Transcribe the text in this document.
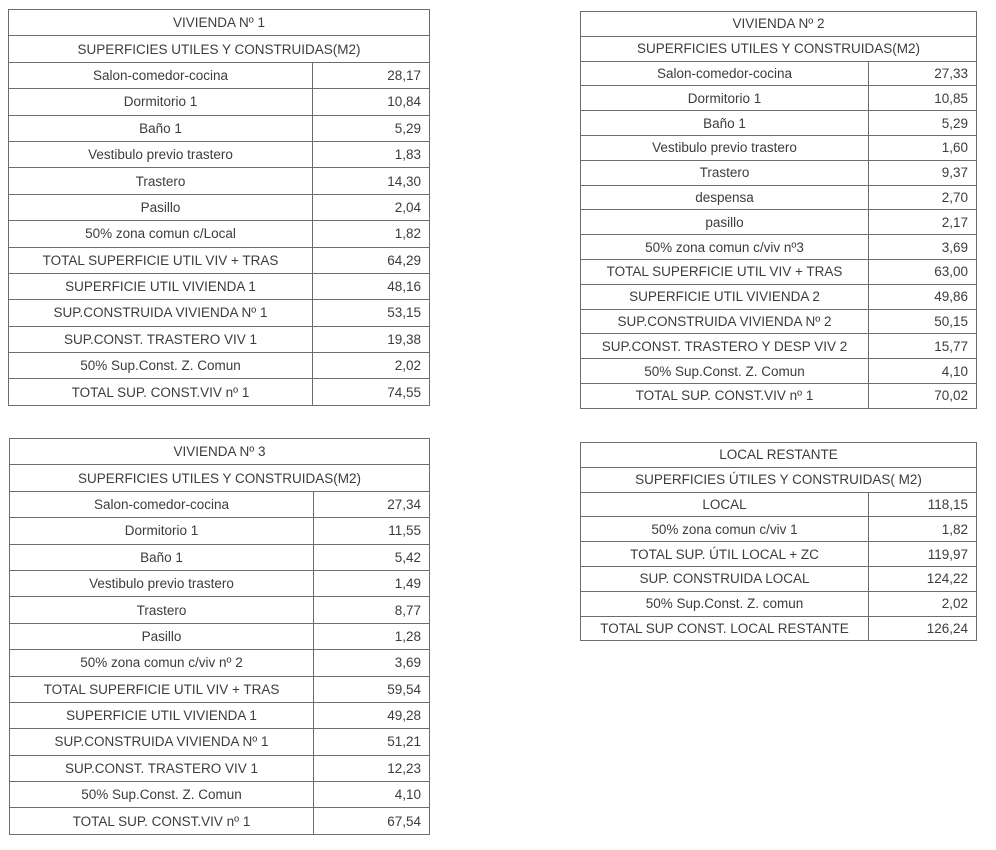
VIVIENDA Nº 1	
SUPERFICIES UTILES Y CONSTRUIDAS(M2)	
Salon-comedor-cocina	28,17
Dormitorio 1	10,84
Baño 1	5,29
Vestibulo previo trastero	1,83
Trastero	14,30
Pasillo	2,04
50% zona comun c/Local	1,82
TOTAL SUPERFICIE UTIL VIV + TRAS	64,29
SUPERFICIE UTIL VIVIENDA 1	48,16
SUP.CONSTRUIDA VIVIENDA Nº 1	53,15
SUP.CONST. TRASTERO VIV 1	19,38
50% Sup.Const. Z. Comun	2,02
TOTAL SUP. CONST.VIV nº 1	74,55
VIVIENDA Nº 2	
SUPERFICIES UTILES Y CONSTRUIDAS(M2)	
Salon-comedor-cocina	27,33
Dormitorio 1	10,85
Baño 1	5,29
Vestibulo previo trastero	1,60
Trastero	9,37
despensa	2,70
pasillo	2,17
50% zona comun c/viv nº3	3,69
TOTAL SUPERFICIE UTIL VIV + TRAS	63,00
SUPERFICIE UTIL VIVIENDA 2	49,86
SUP.CONSTRUIDA VIVIENDA Nº 2	50,15
SUP.CONST. TRASTERO Y DESP VIV 2	15,77
50% Sup.Const. Z. Comun	4,10
TOTAL SUP. CONST.VIV nº 1	70,02
VIVIENDA Nº 3	
SUPERFICIES UTILES Y CONSTRUIDAS(M2)	
Salon-comedor-cocina	27,34
Dormitorio 1	11,55
Baño 1	5,42
Vestibulo previo trastero	1,49
Trastero	8,77
Pasillo	1,28
50% zona comun c/viv nº 2	3,69
TOTAL SUPERFICIE UTIL VIV + TRAS	59,54
SUPERFICIE UTIL VIVIENDA 1	49,28
SUP.CONSTRUIDA VIVIENDA Nº 1	51,21
SUP.CONST. TRASTERO VIV 1	12,23
50% Sup.Const. Z. Comun	4,10
TOTAL SUP. CONST.VIV nº 1	67,54
LOCAL RESTANTE	
SUPERFICIES ÚTILES Y CONSTRUIDAS( M2)	
LOCAL	118,15
50% zona comun c/viv 1	1,82
TOTAL SUP. ÚTIL LOCAL + ZC	119,97
SUP. CONSTRUIDA LOCAL	124,22
50% Sup.Const. Z. comun	2,02
TOTAL SUP CONST. LOCAL RESTANTE	126,24
